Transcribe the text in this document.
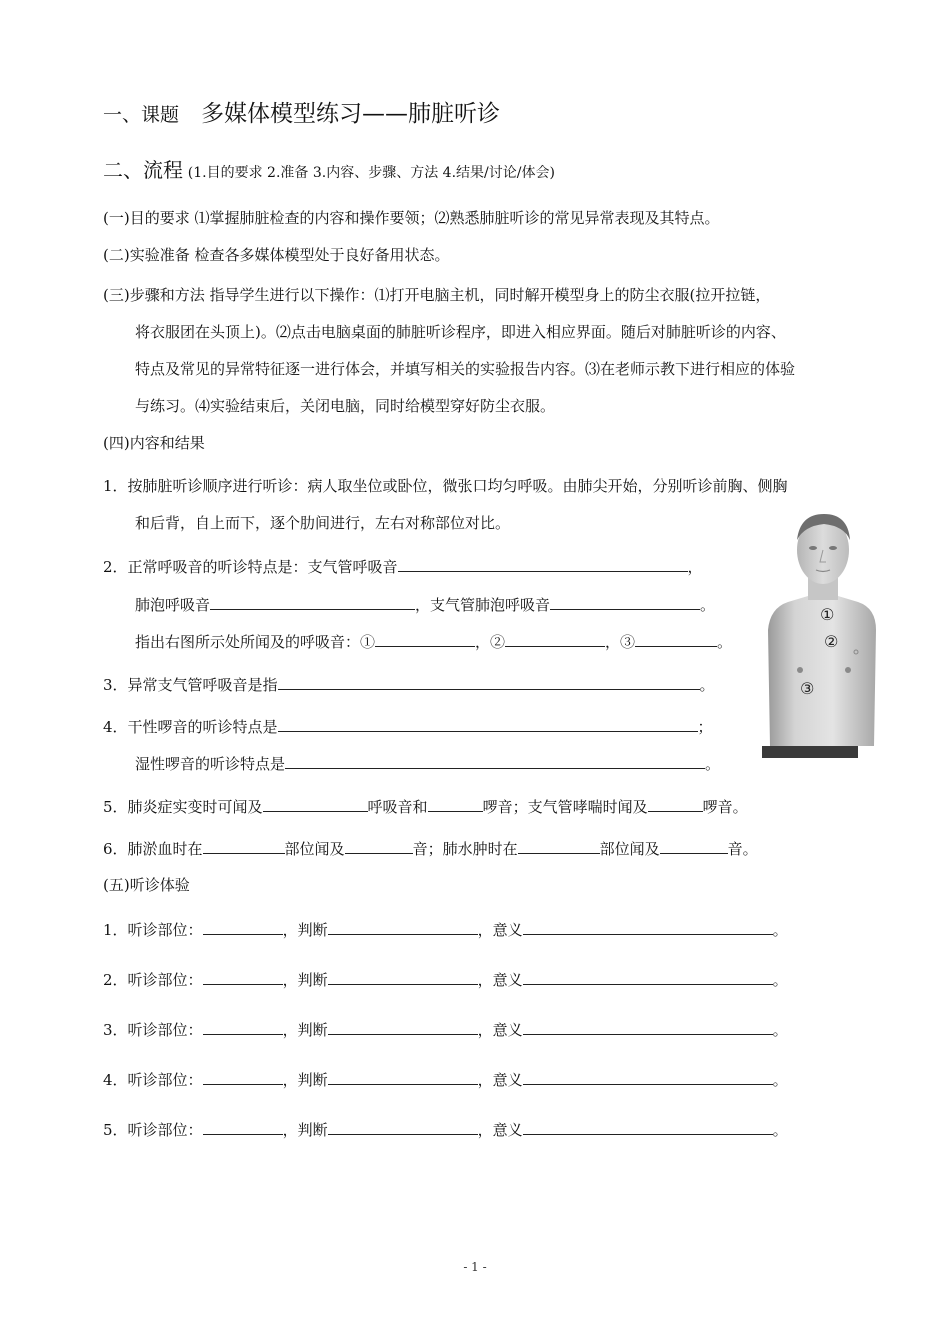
一、课题 多媒体模型练习——肺脏听诊
二、流程 (1.目的要求 2.准备 3.内容、步骤、方法 4.结果/讨论/体会)
(一)目的要求 ⑴掌握肺脏检查的内容和操作要领；⑵熟悉肺脏听诊的常见异常表现及其特点。
(二)实验准备 检查各多媒体模型处于良好备用状态。
(三)步骤和方法 指导学生进行以下操作：⑴打开电脑主机，同时解开模型身上的防尘衣服(拉开拉链，
将衣服团在头顶上)。⑵点击电脑桌面的肺脏听诊程序，即进入相应界面。随后对肺脏听诊的内容、
特点及常见的异常特征逐一进行体会，并填写相关的实验报告内容。⑶在老师示教下进行相应的体验
与练习。⑷实验结束后，关闭电脑，同时给模型穿好防尘衣服。
(四)内容和结果
1．按肺脏听诊顺序进行听诊：病人取坐位或卧位，微张口均匀呼吸。由肺尖开始，分别听诊前胸、侧胸
和后背，自上而下，逐个肋间进行，左右对称部位对比。
2．正常呼吸音的听诊特点是：支气管呼吸音	，
肺泡呼吸音	，支气管肺泡呼吸音	。
指出右图所示处所闻及的呼吸音：①	，②	，③	。
3．异常支气管呼吸音是指	。
4．干性啰音的听诊特点是	；
湿性啰音的听诊特点是	。
5．肺炎症实变时可闻及	呼吸音和	啰音；支气管哮喘时闻及	啰音。
6．肺淤血时在	部位闻及	音；肺水肿时在	部位闻及	音。
(五)听诊体验
1．听诊部位：	，判断	，意义	。
2．听诊部位：	，判断	，意义	。
3．听诊部位：	，判断	，意义	。
4．听诊部位：	，判断	，意义	。
5．听诊部位：	，判断	，意义	。
①
②
③
- 1 -
